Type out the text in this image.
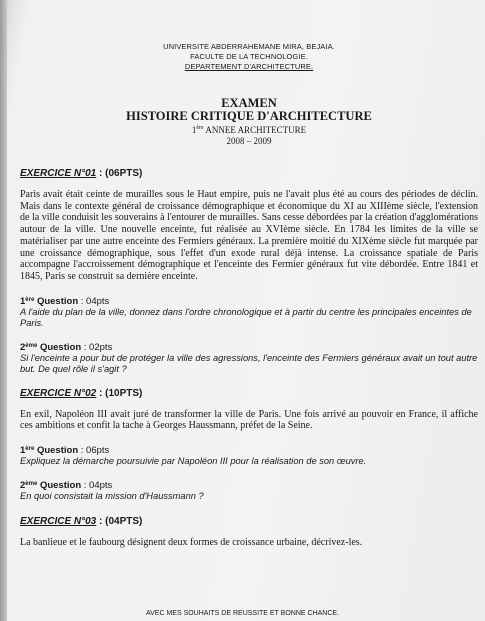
UNIVERSITE ABDERRAHEMANE MIRA, BEJAIA.
FACULTE DE LA TECHNOLOGIE.
DEPARTEMENT D'ARCHITECTURE.
EXAMEN
HISTOIRE CRITIQUE D'ARCHITECTURE
1ère ANNEE ARCHITECTURE
2008 – 2009
EXERCICE N°01 : (06PTS)

Paris avait était ceinte de murailles sous le Haut empire, puis ne l'avait plus été au cours des périodes de déclin. Mais dans le contexte général de croissance démographique et économique du XI au XIIIème siècle, l'extension de la ville conduisit les souverains à l'entourer de murailles. Sans cesse débordées par la création d'agglomérations autour de la ville. Une nouvelle enceinte, fut réalisée au XVIème siècle. En 1784 les limites de la ville se matérialiser par une autre enceinte des Fermiers généraux. La première moitié du XIXème siècle fut marquée par une croissance démographique, sous l'effet d'un exode rural déjà intense. La croissance spatiale de Paris accompagne l'accroissement démographique et l'enceinte des Fermier généraux fut vite débordée. Entre 1841 et 1845, Paris se construit sa dernière enceinte.

1ère Question : 04pts

A l'aide du plan de la ville, donnez dans l'ordre chronologique et à partir du centre les principales enceintes de Paris.

2ème Question : 02pts

Si l'enceinte a pour but de protéger la ville des agressions, l'enceinte des Fermiers généraux avait un tout autre but. De quel rôle il s'agit ?

EXERCICE N°02 : (10PTS)

En exil, Napoléon III avait juré de transformer la ville de Paris. Une fois arrivé au pouvoir en France, il affiche ces ambitions et confit la tache à Georges Haussmann, préfet de la Seine.

1ère Question : 06pts

Expliquez la démarche poursuivie par Napoléon III pour la réalisation de son œuvre.

2ème Question : 04pts

En quoi consistait la mission d'Haussmann ?

EXERCICE N°03 : (04PTS)

La banlieue et le faubourg désignent deux formes de croissance urbaine, décrivez-les.

AVEC MES SOUHAITS DE REUSSITE ET BONNE CHANCE.
